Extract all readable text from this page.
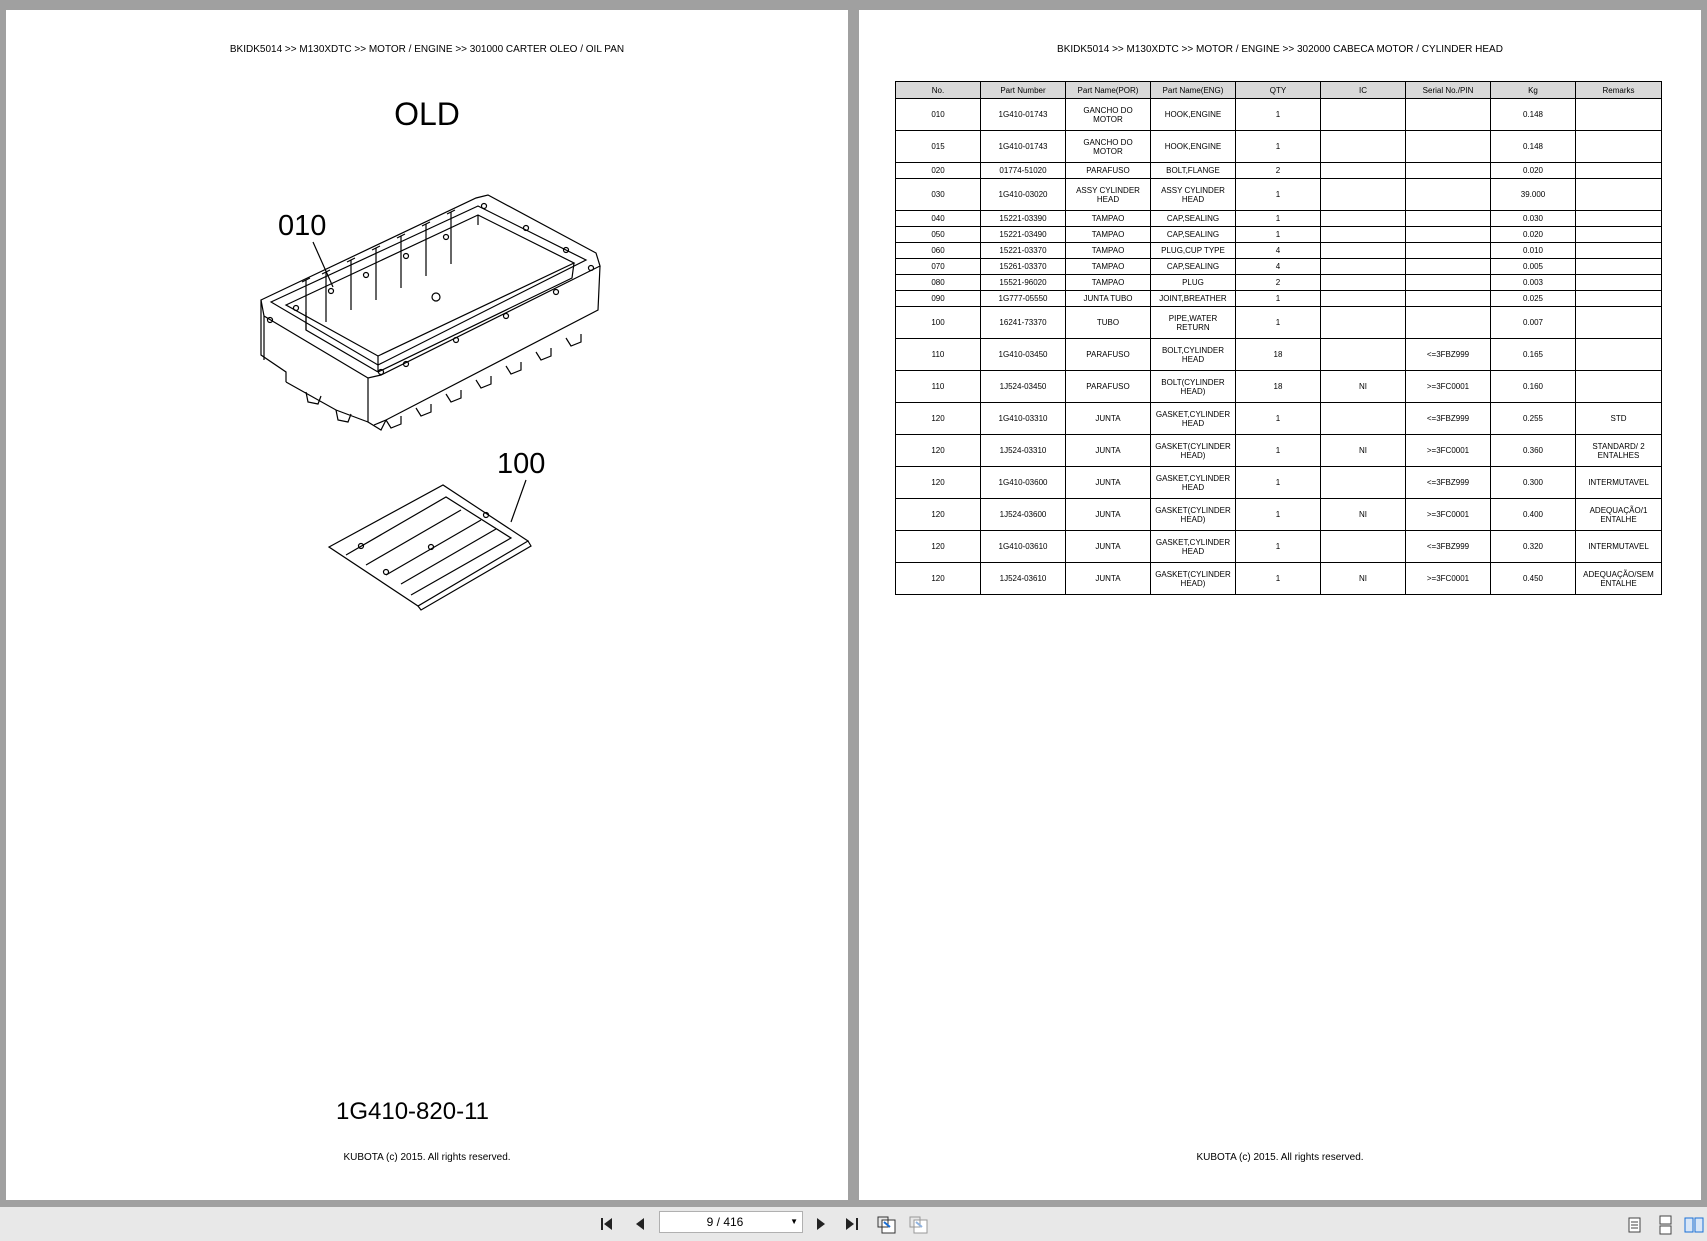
BKIDK5014 >> M130XDTC >> MOTOR / ENGINE >> 301000 CARTER OLEO / OIL PAN
OLD
010
100
1G410-820-11
KUBOTA (c) 2015. All rights reserved.
BKIDK5014 >> M130XDTC >> MOTOR / ENGINE >> 302000 CABECA MOTOR / CYLINDER HEAD
No.	Part Number	Part Name(POR)	Part Name(ENG)	QTY	IC	Serial No./PIN	Kg	Remarks
010	1G410-01743	GANCHO DO MOTOR	HOOK,ENGINE	1			0.148	
015	1G410-01743	GANCHO DO MOTOR	HOOK,ENGINE	1			0.148	
020	01774-51020	PARAFUSO	BOLT,FLANGE	2			0.020	
030	1G410-03020	ASSY CYLINDER HEAD	ASSY CYLINDER HEAD	1			39.000	
040	15221-03390	TAMPAO	CAP,SEALING	1			0.030	
050	15221-03490	TAMPAO	CAP,SEALING	1			0.020	
060	15221-03370	TAMPAO	PLUG,CUP TYPE	4			0.010	
070	15261-03370	TAMPAO	CAP,SEALING	4			0.005	
080	15521-96020	TAMPAO	PLUG	2			0.003	
090	1G777-05550	JUNTA TUBO	JOINT,BREATHER	1			0.025	
100	16241-73370	TUBO	PIPE,WATER RETURN	1			0.007	
110	1G410-03450	PARAFUSO	BOLT,CYLINDER HEAD	18		<=3FBZ999	0.165	
110	1J524-03450	PARAFUSO	BOLT(CYLINDER HEAD)	18	NI	>=3FC0001	0.160	
120	1G410-03310	JUNTA	GASKET,CYLINDER HEAD	1		<=3FBZ999	0.255	STD
120	1J524-03310	JUNTA	GASKET(CYLINDER HEAD)	1	NI	>=3FC0001	0.360	STANDARD/ 2 ENTALHES
120	1G410-03600	JUNTA	GASKET,CYLINDER HEAD	1		<=3FBZ999	0.300	INTERMUTAVEL
120	1J524-03600	JUNTA	GASKET(CYLINDER HEAD)	1	NI	>=3FC0001	0.400	ADEQUAÇÃO/1 ENTALHE
120	1G410-03610	JUNTA	GASKET,CYLINDER HEAD	1		<=3FBZ999	0.320	INTERMUTAVEL
120	1J524-03610	JUNTA	GASKET(CYLINDER HEAD)	1	NI	>=3FC0001	0.450	ADEQUAÇÃO/SEM ENTALHE
KUBOTA (c) 2015. All rights reserved.
9 / 416	▼
